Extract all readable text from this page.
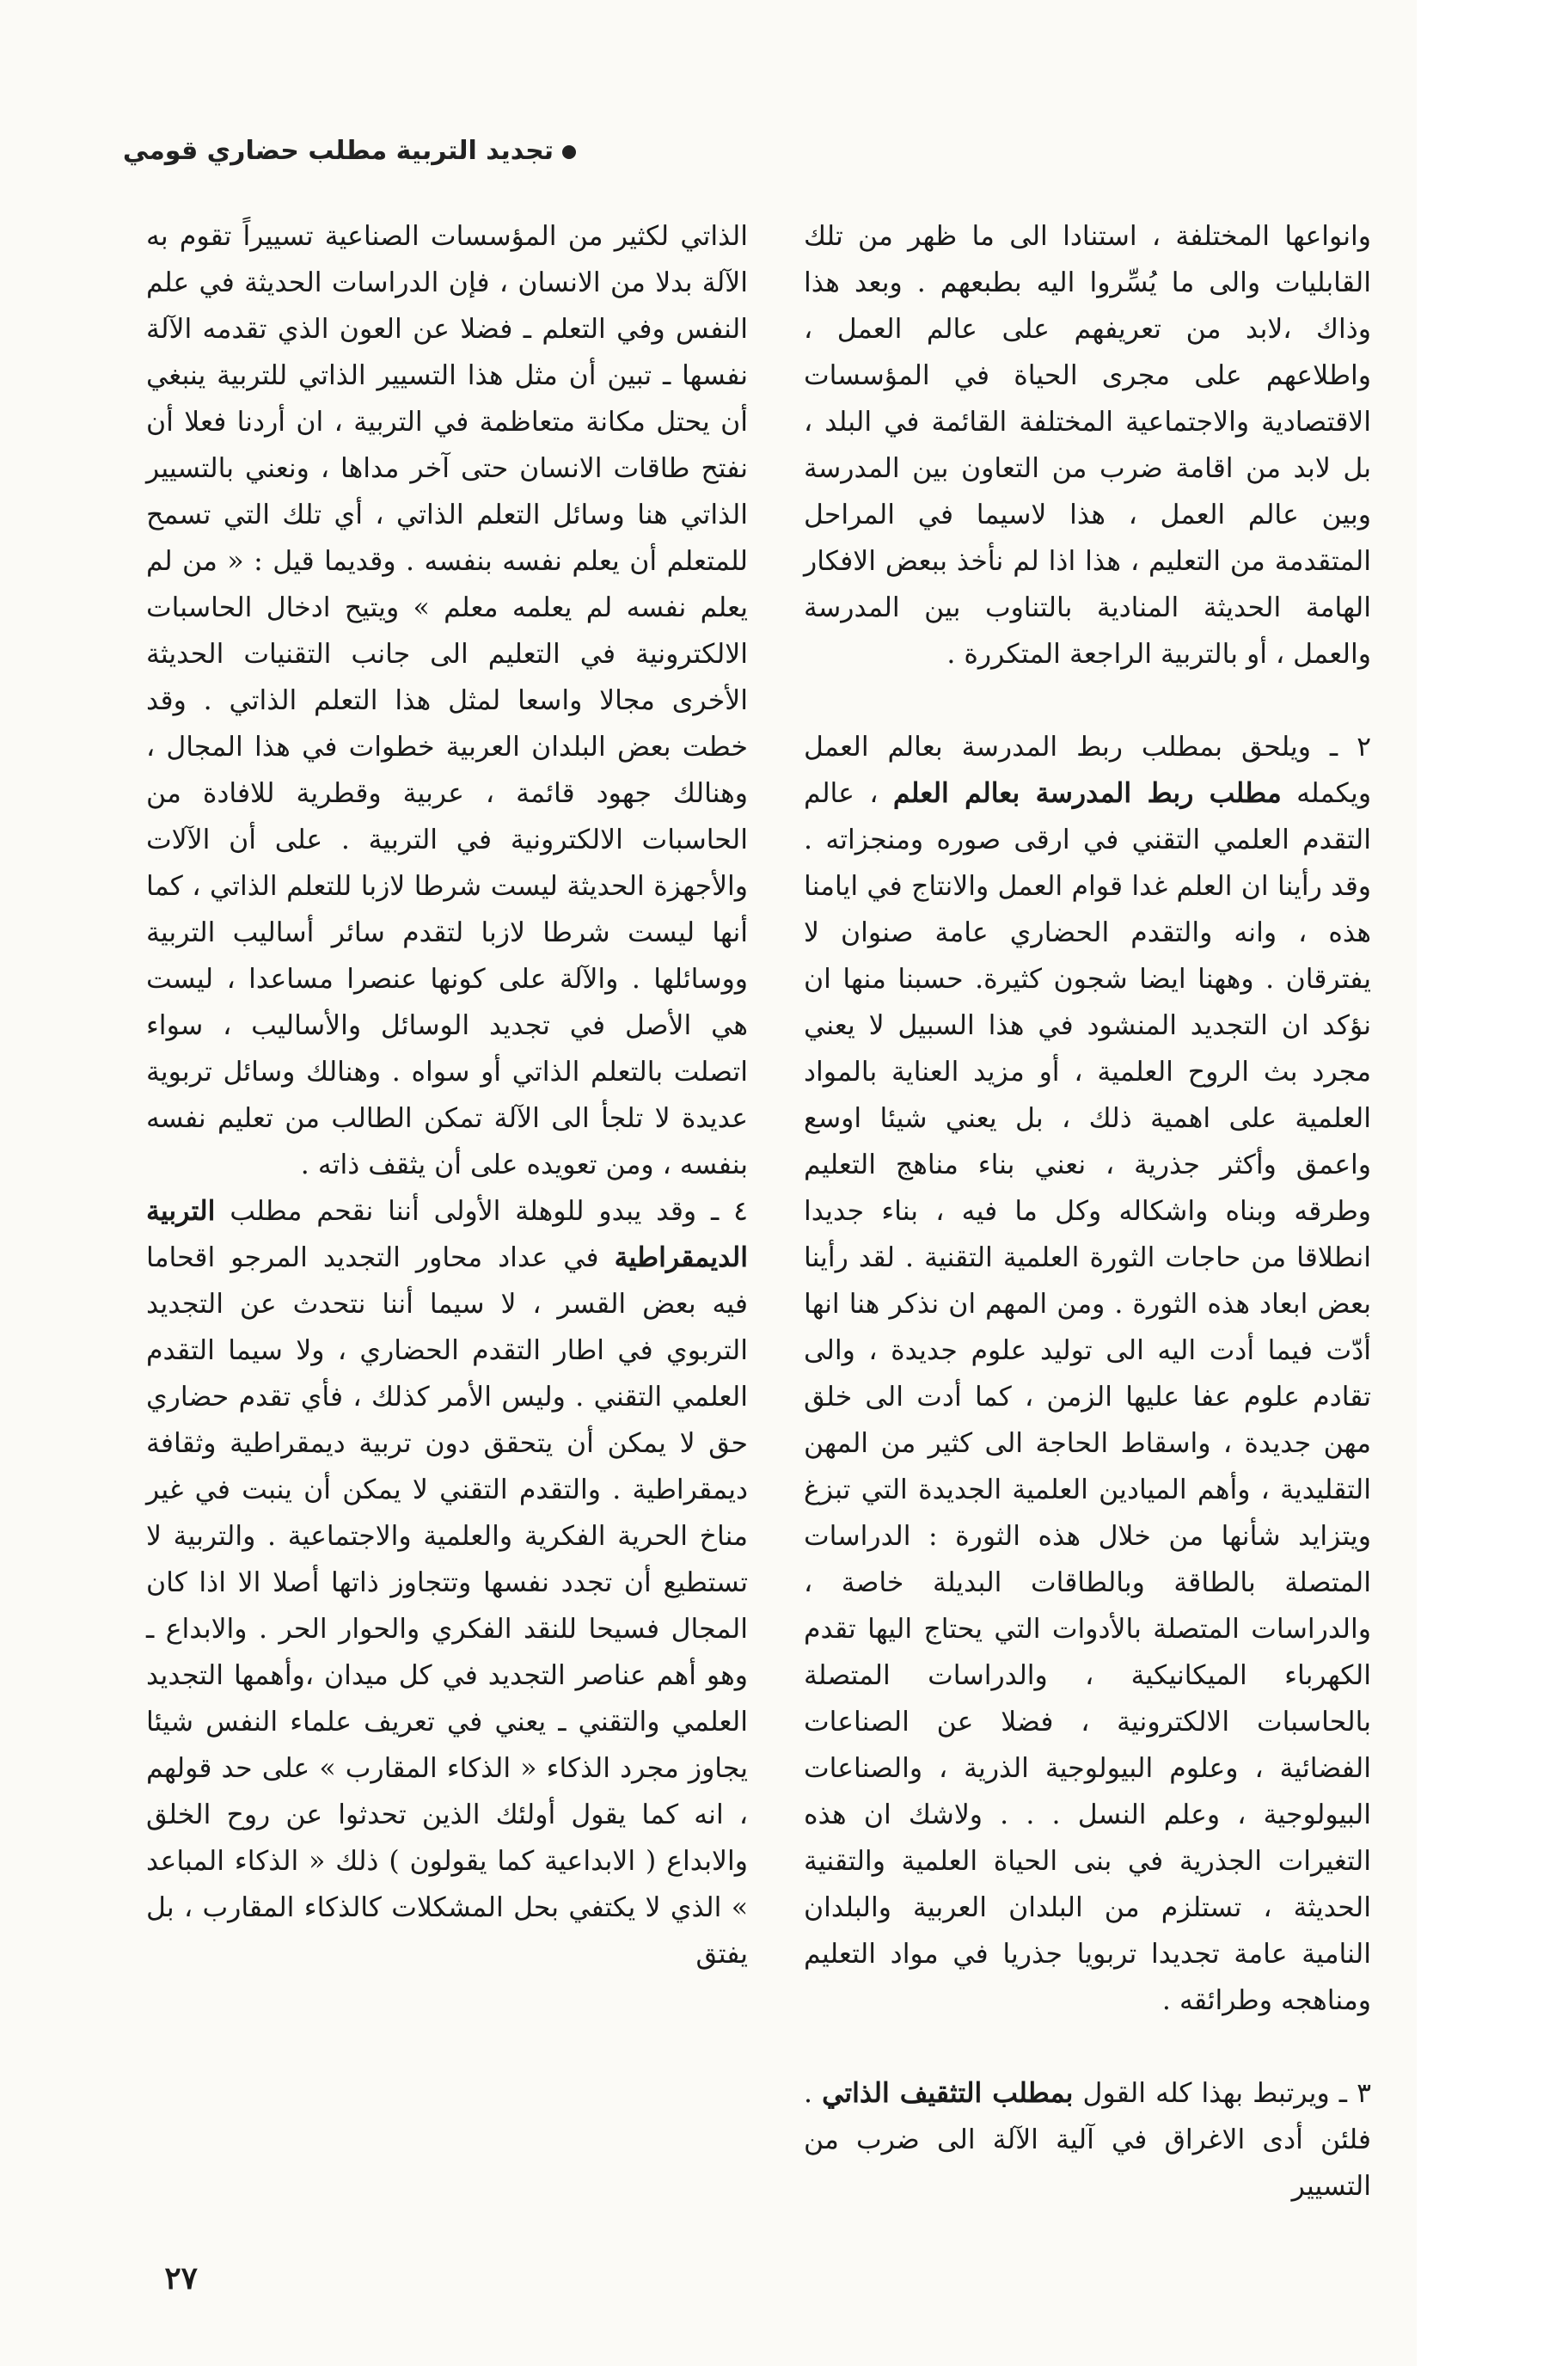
تجديد التربية مطلب حضاري قومي

وانواعها المختلفة ، استنادا الى ما ظهر من تلك القابليات والى ما يُسِّروا اليه بطبعهم . وبعد هذا وذاك ،لابد من تعريفهم على عالم العمل ، واطلاعهم على مجرى الحياة في المؤسسات الاقتصادية والاجتماعية المختلفة القائمة في البلد ، بل لابد من اقامة ضرب من التعاون بين المدرسة وبين عالم العمل ، هذا لاسيما في المراحل المتقدمة من التعليم ، هذا اذا لم نأخذ ببعض الافكار الهامة الحديثة المنادية بالتناوب بين المدرسة والعمل ، أو بالتربية الراجعة المتكررة .

٢ ـ ويلحق بمطلب ربط المدرسة بعالم العمل ويكمله مطلب ربط المدرسة بعالم العلم ، عالم التقدم العلمي التقني في ارقى صوره ومنجزاته . وقد رأينا ان العلم غدا قوام العمل والانتاج في ايامنا هذه ، وانه والتقدم الحضاري عامة صنوان لا يفترقان . وههنا ايضا شجون كثيرة. حسبنا منها ان نؤكد ان التجديد المنشود في هذا السبيل لا يعني مجرد بث الروح العلمية ، أو مزيد العناية بالمواد العلمية على اهمية ذلك ، بل يعني شيئا اوسع واعمق وأكثر جذرية ، نعني بناء مناهج التعليم وطرقه وبناه واشكاله وكل ما فيه ، بناء جديدا انطلاقا من حاجات الثورة العلمية التقنية . لقد رأينا بعض ابعاد هذه الثورة . ومن المهم ان نذكر هنا انها أدّت فيما أدت اليه الى توليد علوم جديدة ، والى تقادم علوم عفا عليها الزمن ، كما أدت الى خلق مهن جديدة ، واسقاط الحاجة الى كثير من المهن التقليدية ، وأهم الميادين العلمية الجديدة التي تبزغ ويتزايد شأنها من خلال هذه الثورة : الدراسات المتصلة بالطاقة وبالطاقات البديلة خاصة ، والدراسات المتصلة بالأدوات التي يحتاج اليها تقدم الكهرباء الميكانيكية ، والدراسات المتصلة بالحاسبات الالكترونية ، فضلا عن الصناعات الفضائية ، وعلوم البيولوجية الذرية ، والصناعات البيولوجية ، وعلم النسل . . . ولاشك ان هذه التغيرات الجذرية في بنى الحياة العلمية والتقنية الحديثة ، تستلزم من البلدان العربية والبلدان النامية عامة تجديدا تربويا جذريا في مواد التعليم ومناهجه وطرائقه .

٣ ـ ويرتبط بهذا كله القول بمطلب التثقيف الذاتي . فلئن أدى الاغراق في آلية الآلة الى ضرب من التسيير

الذاتي لكثير من المؤسسات الصناعية تسييراً تقوم به الآلة بدلا من الانسان ، فإن الدراسات الحديثة في علم النفس وفي التعلم ـ فضلا عن العون الذي تقدمه الآلة نفسها ـ تبين أن مثل هذا التسيير الذاتي للتربية ينبغي أن يحتل مكانة متعاظمة في التربية ، ان أردنا فعلا أن نفتح طاقات الانسان حتى آخر مداها ، ونعني بالتسيير الذاتي هنا وسائل التعلم الذاتي ، أي تلك التي تسمح للمتعلم أن يعلم نفسه بنفسه . وقديما قيل : « من لم يعلم نفسه لم يعلمه معلم » ويتيح ادخال الحاسبات الالكترونية في التعليم الى جانب التقنيات الحديثة الأخرى مجالا واسعا لمثل هذا التعلم الذاتي . وقد خطت بعض البلدان العربية خطوات في هذا المجال ، وهنالك جهود قائمة ، عربية وقطرية للافادة من الحاسبات الالكترونية في التربية . على أن الآلات والأجهزة الحديثة ليست شرطا لازبا للتعلم الذاتي ، كما أنها ليست شرطا لازبا لتقدم سائر أساليب التربية ووسائلها . والآلة على كونها عنصرا مساعدا ، ليست هي الأصل في تجديد الوسائل والأساليب ، سواء اتصلت بالتعلم الذاتي أو سواه . وهنالك وسائل تربوية عديدة لا تلجأ الى الآلة تمكن الطالب من تعليم نفسه بنفسه ، ومن تعويده على أن يثقف ذاته .

٤ ـ وقد يبدو للوهلة الأولى أننا نقحم مطلب التربية الديمقراطية في عداد محاور التجديد المرجو اقحاما فيه بعض القسر ، لا سيما أننا نتحدث عن التجديد التربوي في اطار التقدم الحضاري ، ولا سيما التقدم العلمي التقني . وليس الأمر كذلك ، فأي تقدم حضاري حق لا يمكن أن يتحقق دون تربية ديمقراطية وثقافة ديمقراطية . والتقدم التقني لا يمكن أن ينبت في غير مناخ الحرية الفكرية والعلمية والاجتماعية . والتربية لا تستطيع أن تجدد نفسها وتتجاوز ذاتها أصلا الا اذا كان المجال فسيحا للنقد الفكري والحوار الحر . والابداع ـ وهو أهم عناصر التجديد في كل ميدان ،وأهمها التجديد العلمي والتقني ـ يعني في تعريف علماء النفس شيئا يجاوز مجرد الذكاء « الذكاء المقارب » على حد قولهم ، انه كما يقول أولئك الذين تحدثوا عن روح الخلق والابداع ( الابداعية كما يقولون ) ذلك « الذكاء المباعد » الذي لا يكتفي بحل المشكلات كالذكاء المقارب ، بل يفتق

٢٧
